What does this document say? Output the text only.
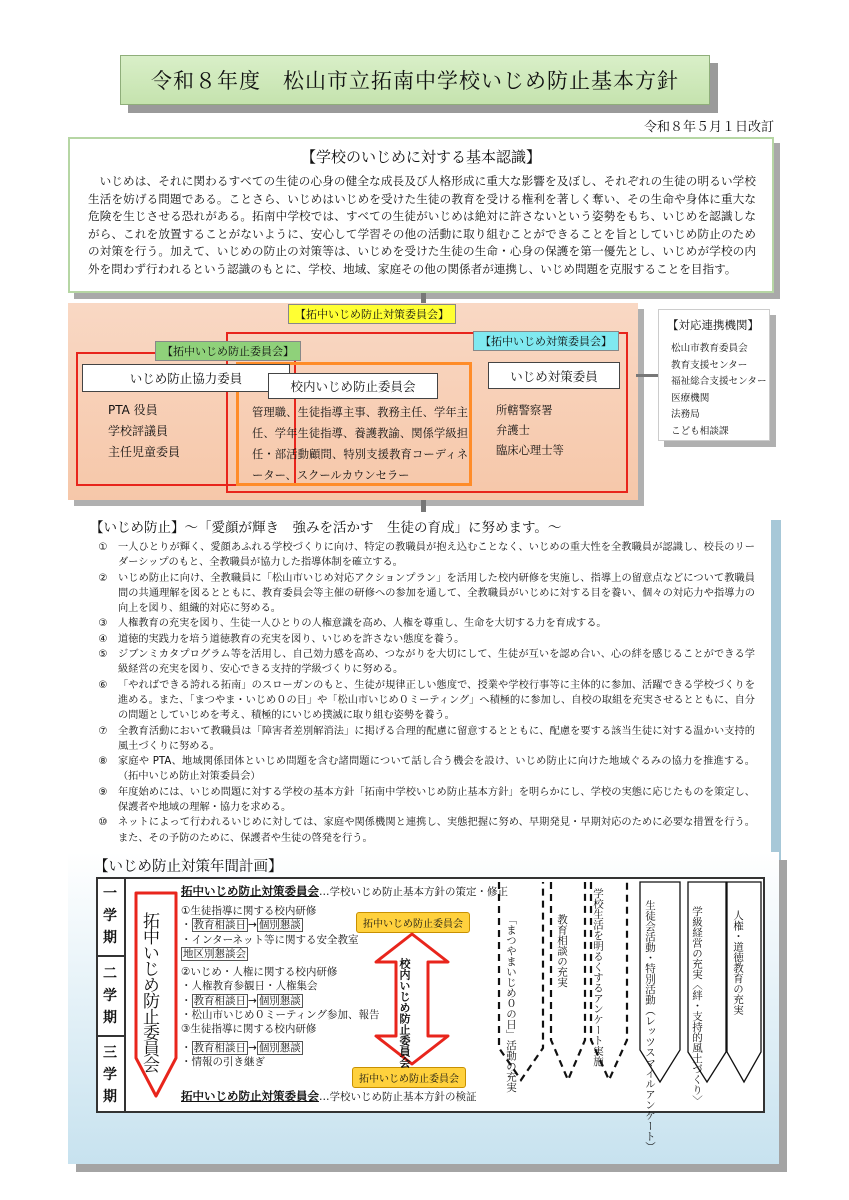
令和８年度　松山市立拓南中学校いじめ防止基本方針
令和８年５月１日改訂
【学校のいじめに対する基本認識】

いじめは、それに関わるすべての生徒の心身の健全な成長及び人格形成に重大な影響を及ぼし、それぞれの生徒の明るい学校生活を妨げる問題である。ことさら、いじめはいじめを受けた生徒の教育を受ける権利を著しく奪い、その生命や身体に重大な危険を生じさせる恐れがある。拓南中学校では、すべての生徒がいじめは絶対に許さないという姿勢をもち、いじめを認識しながら、これを放置することがないように、安心して学習その他の活動に取り組むことができることを旨としていじめ防止のための対策を行う。加えて、いじめの防止の対策等は、いじめを受けた生徒の生命・心身の保護を第一優先とし、いじめが学校の内外を問わず行われるという認識のもとに、学校、地域、家庭その他の関係者が連携し、いじめ問題を克服することを目指す。

【拓中いじめ防止対策委員会】
【拓中いじめ防止委員会】
【拓中いじめ対策委員会】
いじめ防止協力委員
校内いじめ防止委員会
いじめ対策委員
PTA 役員
学校評議員
主任児童委員
管理職、生徒指導主事、教務主任、学年主任、学年生徒指導、養護教諭、関係学級担任・部活動顧問、特別支援教育コーディネーター、スクールカウンセラー
所轄警察署
弁護士
臨床心理士等
【対応連携機関】
松山市教育委員会
教育支援センター
福祉総合支援センター
医療機関
法務局
こども相談課
【いじめ防止】～「愛顔が輝き　強みを活かす　生徒の育成」に努めます。～
①	一人ひとりが輝く、愛顔あふれる学校づくりに向け、特定の教職員が抱え込むことなく、いじめの重大性を全教職員が認識し、校長のリーダーシップのもと、全教職員が協力した指導体制を確立する。
②	いじめ防止に向け、全教職員に「松山市いじめ対応アクションプラン」を活用した校内研修を実施し、指導上の留意点などについて教職員間の共通理解を図るとともに、教育委員会等主催の研修への参加を通して、全教職員がいじめに対する目を養い、個々の対応力や指導力の向上を図り、組織的対応に努める。
③	人権教育の充実を図り、生徒一人ひとりの人権意識を高め、人権を尊重し、生命を大切する力を育成する。
④	道徳的実践力を培う道徳教育の充実を図り、いじめを許さない態度を養う。
⑤	ジブンミカタプログラム等を活用し、自己効力感を高め、つながりを大切にして、生徒が互いを認め合い、心の絆を感じることができる学級経営の充実を図り、安心できる支持的学級づくりに努める。
⑥	「やればできる誇れる拓南」のスローガンのもと、生徒が規律正しい態度で、授業や学校行事等に主体的に参加、活躍できる学校づくりを進める。また、「まつやま・いじめ０の日」や「松山市いじめ０ミーティング」へ積極的に参加し、自校の取組を充実させるとともに、自分の問題としていじめを考え、積極的にいじめ撲滅に取り組む姿勢を養う。
⑦	全教育活動において教職員は「障害者差別解消法」に掲げる合理的配慮に留意するとともに、配慮を要する該当生徒に対する温かい支持的風土づくりに努める。
⑧	家庭や PTA、地域関係団体といじめ問題を含む諸問題について話し合う機会を設け、いじめ防止に向けた地域ぐるみの協力を推進する。（拓中いじめ防止対策委員会）
⑨	年度始めには、いじめ問題に対する学校の基本方針「拓南中学校いじめ防止基本方針」を明らかにし、学校の実態に応じたものを策定し、保護者や地域の理解・協力を求める。
⑩	ネットによって行われるいじめに対しては、家庭や関係機関と連携し、実態把握に努め、早期発見・早期対応のために必要な措置を行う。また、その予防のために、保護者や生徒の啓発を行う。
【いじめ防止対策年間計画】
一
学
期
二
学
期
三
学
期
拓中いじめ防止委員会
拓中いじめ防止対策委員会…学校いじめ防止基本方針の策定・修正
拓中いじめ防止対策委員会…学校いじめ防止基本方針の検証
①生徒指導に関する校内研修
・ 教育相談日 → 個別懇談
・インターネット等に関する安全教室
地区別懇談会
②いじめ・人権に関する校内研修
・人権教育参観日・人権集会
・ 教育相談日 → 個別懇談
・松山市いじめ０ミーティング参加、報告
③生徒指導に関する校内研修
・ 教育相談日 → 個別懇談
・情報の引き継ぎ
拓中いじめ防止委員会
拓中いじめ防止委員会
校内いじめ防止委員会	「まつやまいじめ０の日」活動の充実	教育相談の充実 学校生活を明るくするアンケート実施	生徒会活動・特別活動（レッツスマイルアンケート）	学級経営の充実〈絆・支持的風土づくり〉	人権・道徳教育の充実
